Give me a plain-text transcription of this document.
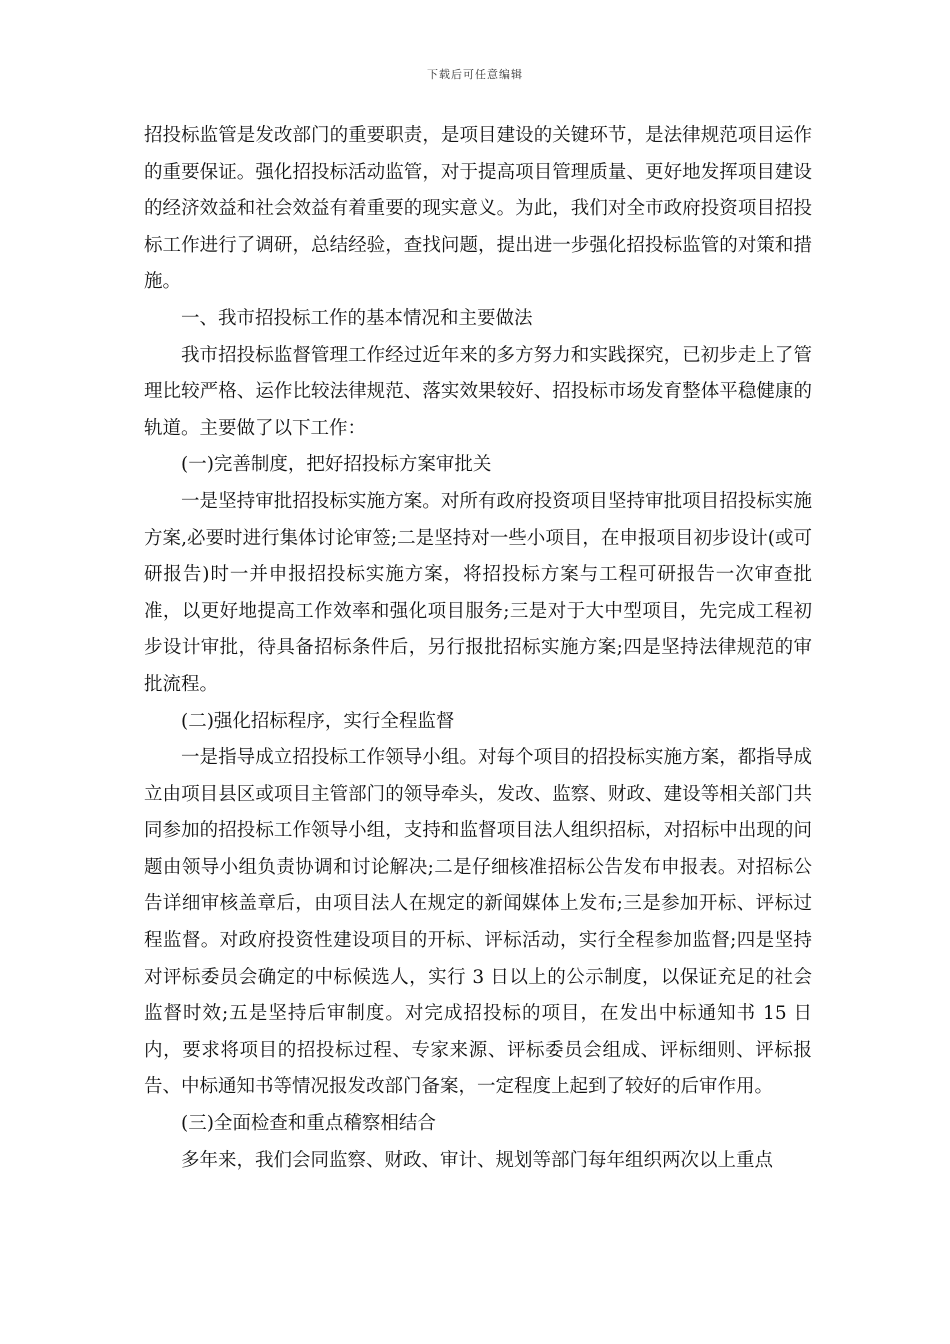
下载后可任意编辑

招投标监管是发改部门的重要职责，是项目建设的关键环节，是法律规范项目运作的重要保证。强化招投标活动监管，对于提高项目管理质量、更好地发挥项目建设的经济效益和社会效益有着重要的现实意义。为此，我们对全市政府投资项目招投标工作进行了调研，总结经验，查找问题，提出进一步强化招投标监管的对策和措施。

一、我市招投标工作的基本情况和主要做法

我市招投标监督管理工作经过近年来的多方努力和实践探究，已初步走上了管理比较严格、运作比较法律规范、落实效果较好、招投标市场发育整体平稳健康的轨道。主要做了以下工作：

(一)完善制度，把好招投标方案审批关

一是坚持审批招投标实施方案。对所有政府投资项目坚持审批项目招投标实施方案,必要时进行集体讨论审签;二是坚持对一些小项目，在申报项目初步设计(或可研报告)时一并申报招投标实施方案，将招投标方案与工程可研报告一次审查批准，以更好地提高工作效率和强化项目服务;三是对于大中型项目，先完成工程初步设计审批，待具备招标条件后，另行报批招标实施方案;四是坚持法律规范的审批流程。

(二)强化招标程序，实行全程监督

一是指导成立招投标工作领导小组。对每个项目的招投标实施方案，都指导成立由项目县区或项目主管部门的领导牵头，发改、监察、财政、建设等相关部门共同参加的招投标工作领导小组，支持和监督项目法人组织招标，对招标中出现的问题由领导小组负责协调和讨论解决;二是仔细核准招标公告发布申报表。对招标公告详细审核盖章后，由项目法人在规定的新闻媒体上发布;三是参加开标、评标过程监督。对政府投资性建设项目的开标、评标活动，实行全程参加监督;四是坚持对评标委员会确定的中标候选人，实行 3 日以上的公示制度，以保证充足的社会监督时效;五是坚持后审制度。对完成招投标的项目，在发出中标通知书 15 日内，要求将项目的招投标过程、专家来源、评标委员会组成、评标细则、评标报告、中标通知书等情况报发改部门备案，一定程度上起到了较好的后审作用。

(三)全面检查和重点稽察相结合

多年来，我们会同监察、财政、审计、规划等部门每年组织两次以上重点
